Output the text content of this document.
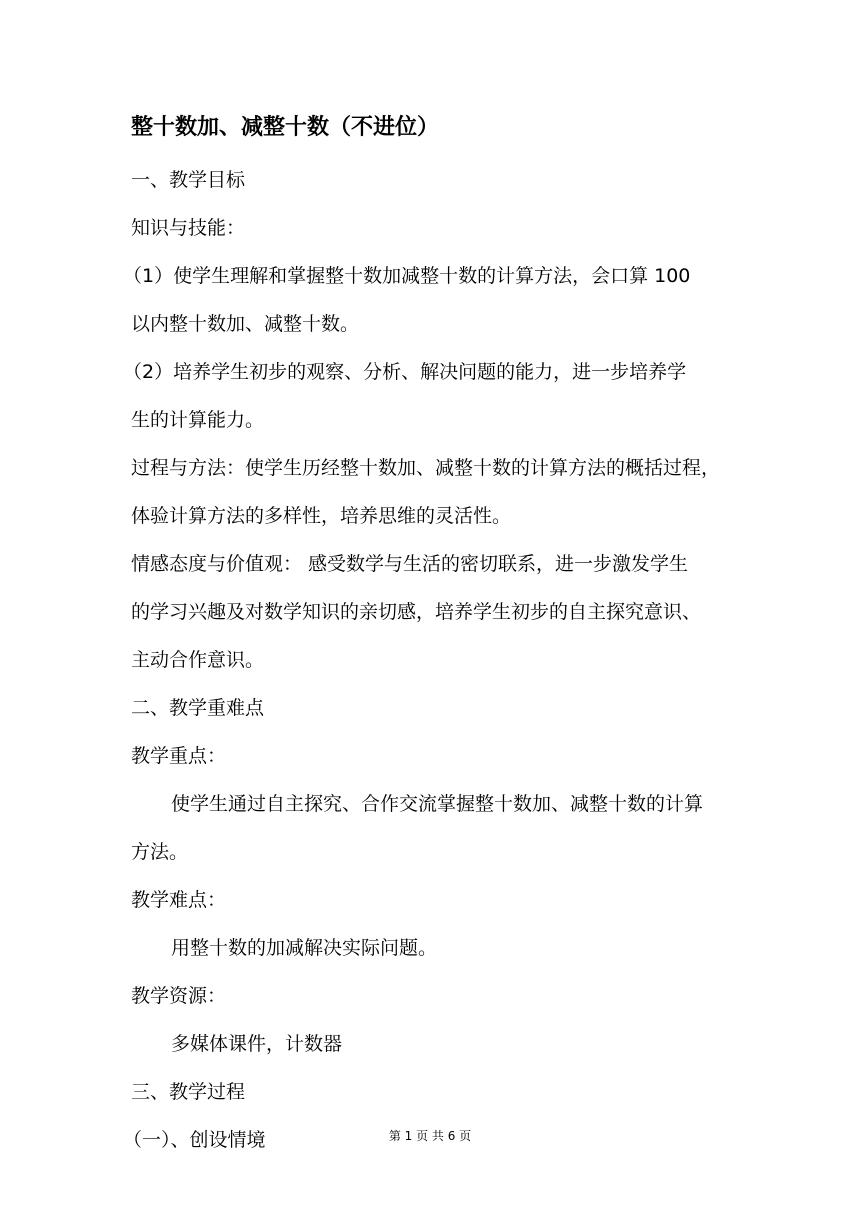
整十数加、减整十数（不进位）
一、教学目标
知识与技能：
（1）使学生理解和掌握整十数加减整十数的计算方法，会口算 100
以内整十数加、减整十数。
（2）培养学生初步的观察、分析、解决问题的能力，进一步培养学
生的计算能力。
过程与方法：使学生历经整十数加、减整十数的计算方法的概括过程，
体验计算方法的多样性，培养思维的灵活性。
情感态度与价值观： 感受数学与生活的密切联系，进一步激发学生
的学习兴趣及对数学知识的亲切感，培养学生初步的自主探究意识、
主动合作意识。
二、教学重难点
教学重点：
使学生通过自主探究、合作交流掌握整十数加、减整十数的计算
方法。
教学难点：
用整十数的加减解决实际问题。
教学资源：
多媒体课件，计数器
三、教学过程
（一）、创设情境	第 1 页 共 6 页
